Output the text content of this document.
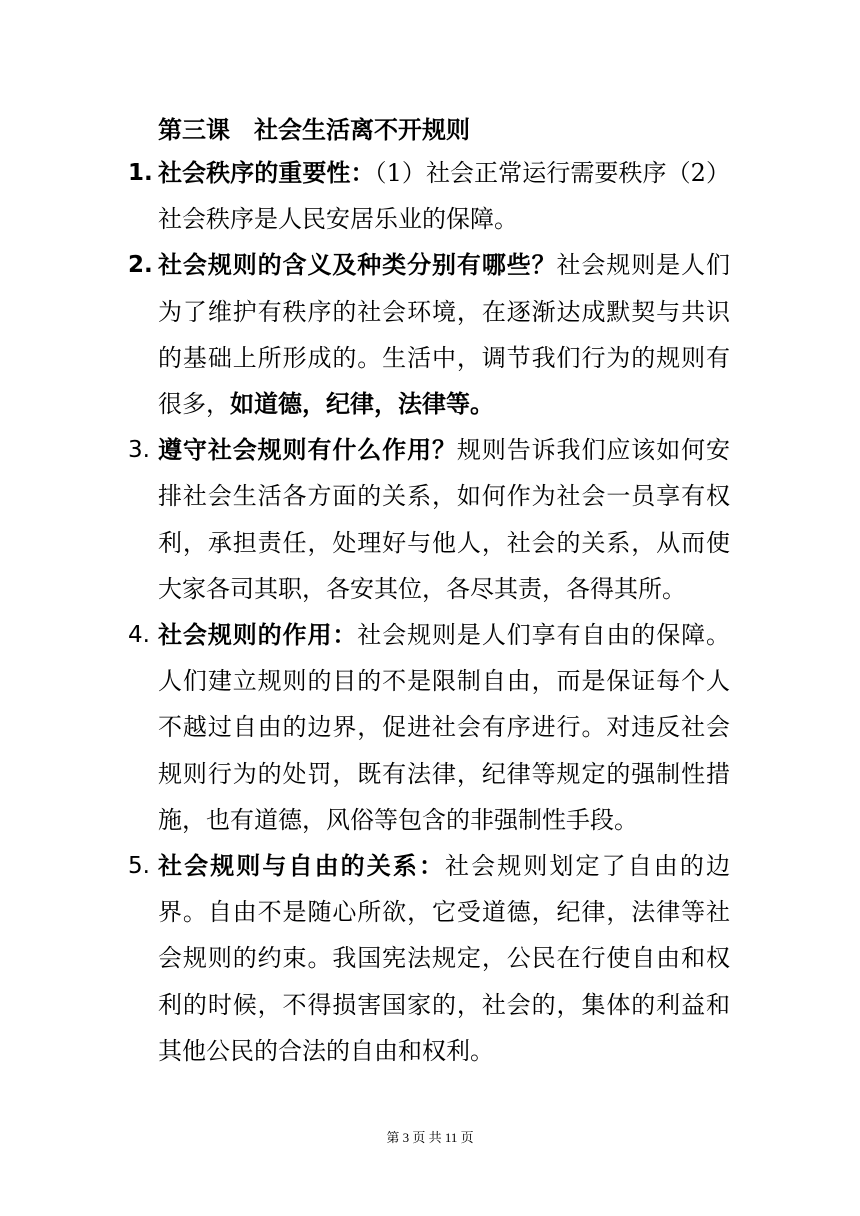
第三课　社会生活离不开规则
1. 社会秩序的重要性：（1）社会正常运行需要秩序（2）社会秩序是人民安居乐业的保障。
2. 社会规则的含义及种类分别有哪些？社会规则是人们为了维护有秩序的社会环境，在逐渐达成默契与共识的基础上所形成的。生活中，调节我们行为的规则有很多，如道德，纪律，法律等。
3. 遵守社会规则有什么作用？规则告诉我们应该如何安排社会生活各方面的关系，如何作为社会一员享有权利，承担责任，处理好与他人，社会的关系，从而使大家各司其职，各安其位，各尽其责，各得其所。
4. 社会规则的作用：社会规则是人们享有自由的保障。人们建立规则的目的不是限制自由，而是保证每个人不越过自由的边界，促进社会有序进行。对违反社会规则行为的处罚，既有法律，纪律等规定的强制性措施，也有道德，风俗等包含的非强制性手段。
5. 社会规则与自由的关系：社会规则划定了自由的边界。自由不是随心所欲，它受道德，纪律，法律等社会规则的约束。我国宪法规定，公民在行使自由和权利的时候，不得损害国家的，社会的，集体的利益和其他公民的合法的自由和权利。
第 3 页 共 11 页
